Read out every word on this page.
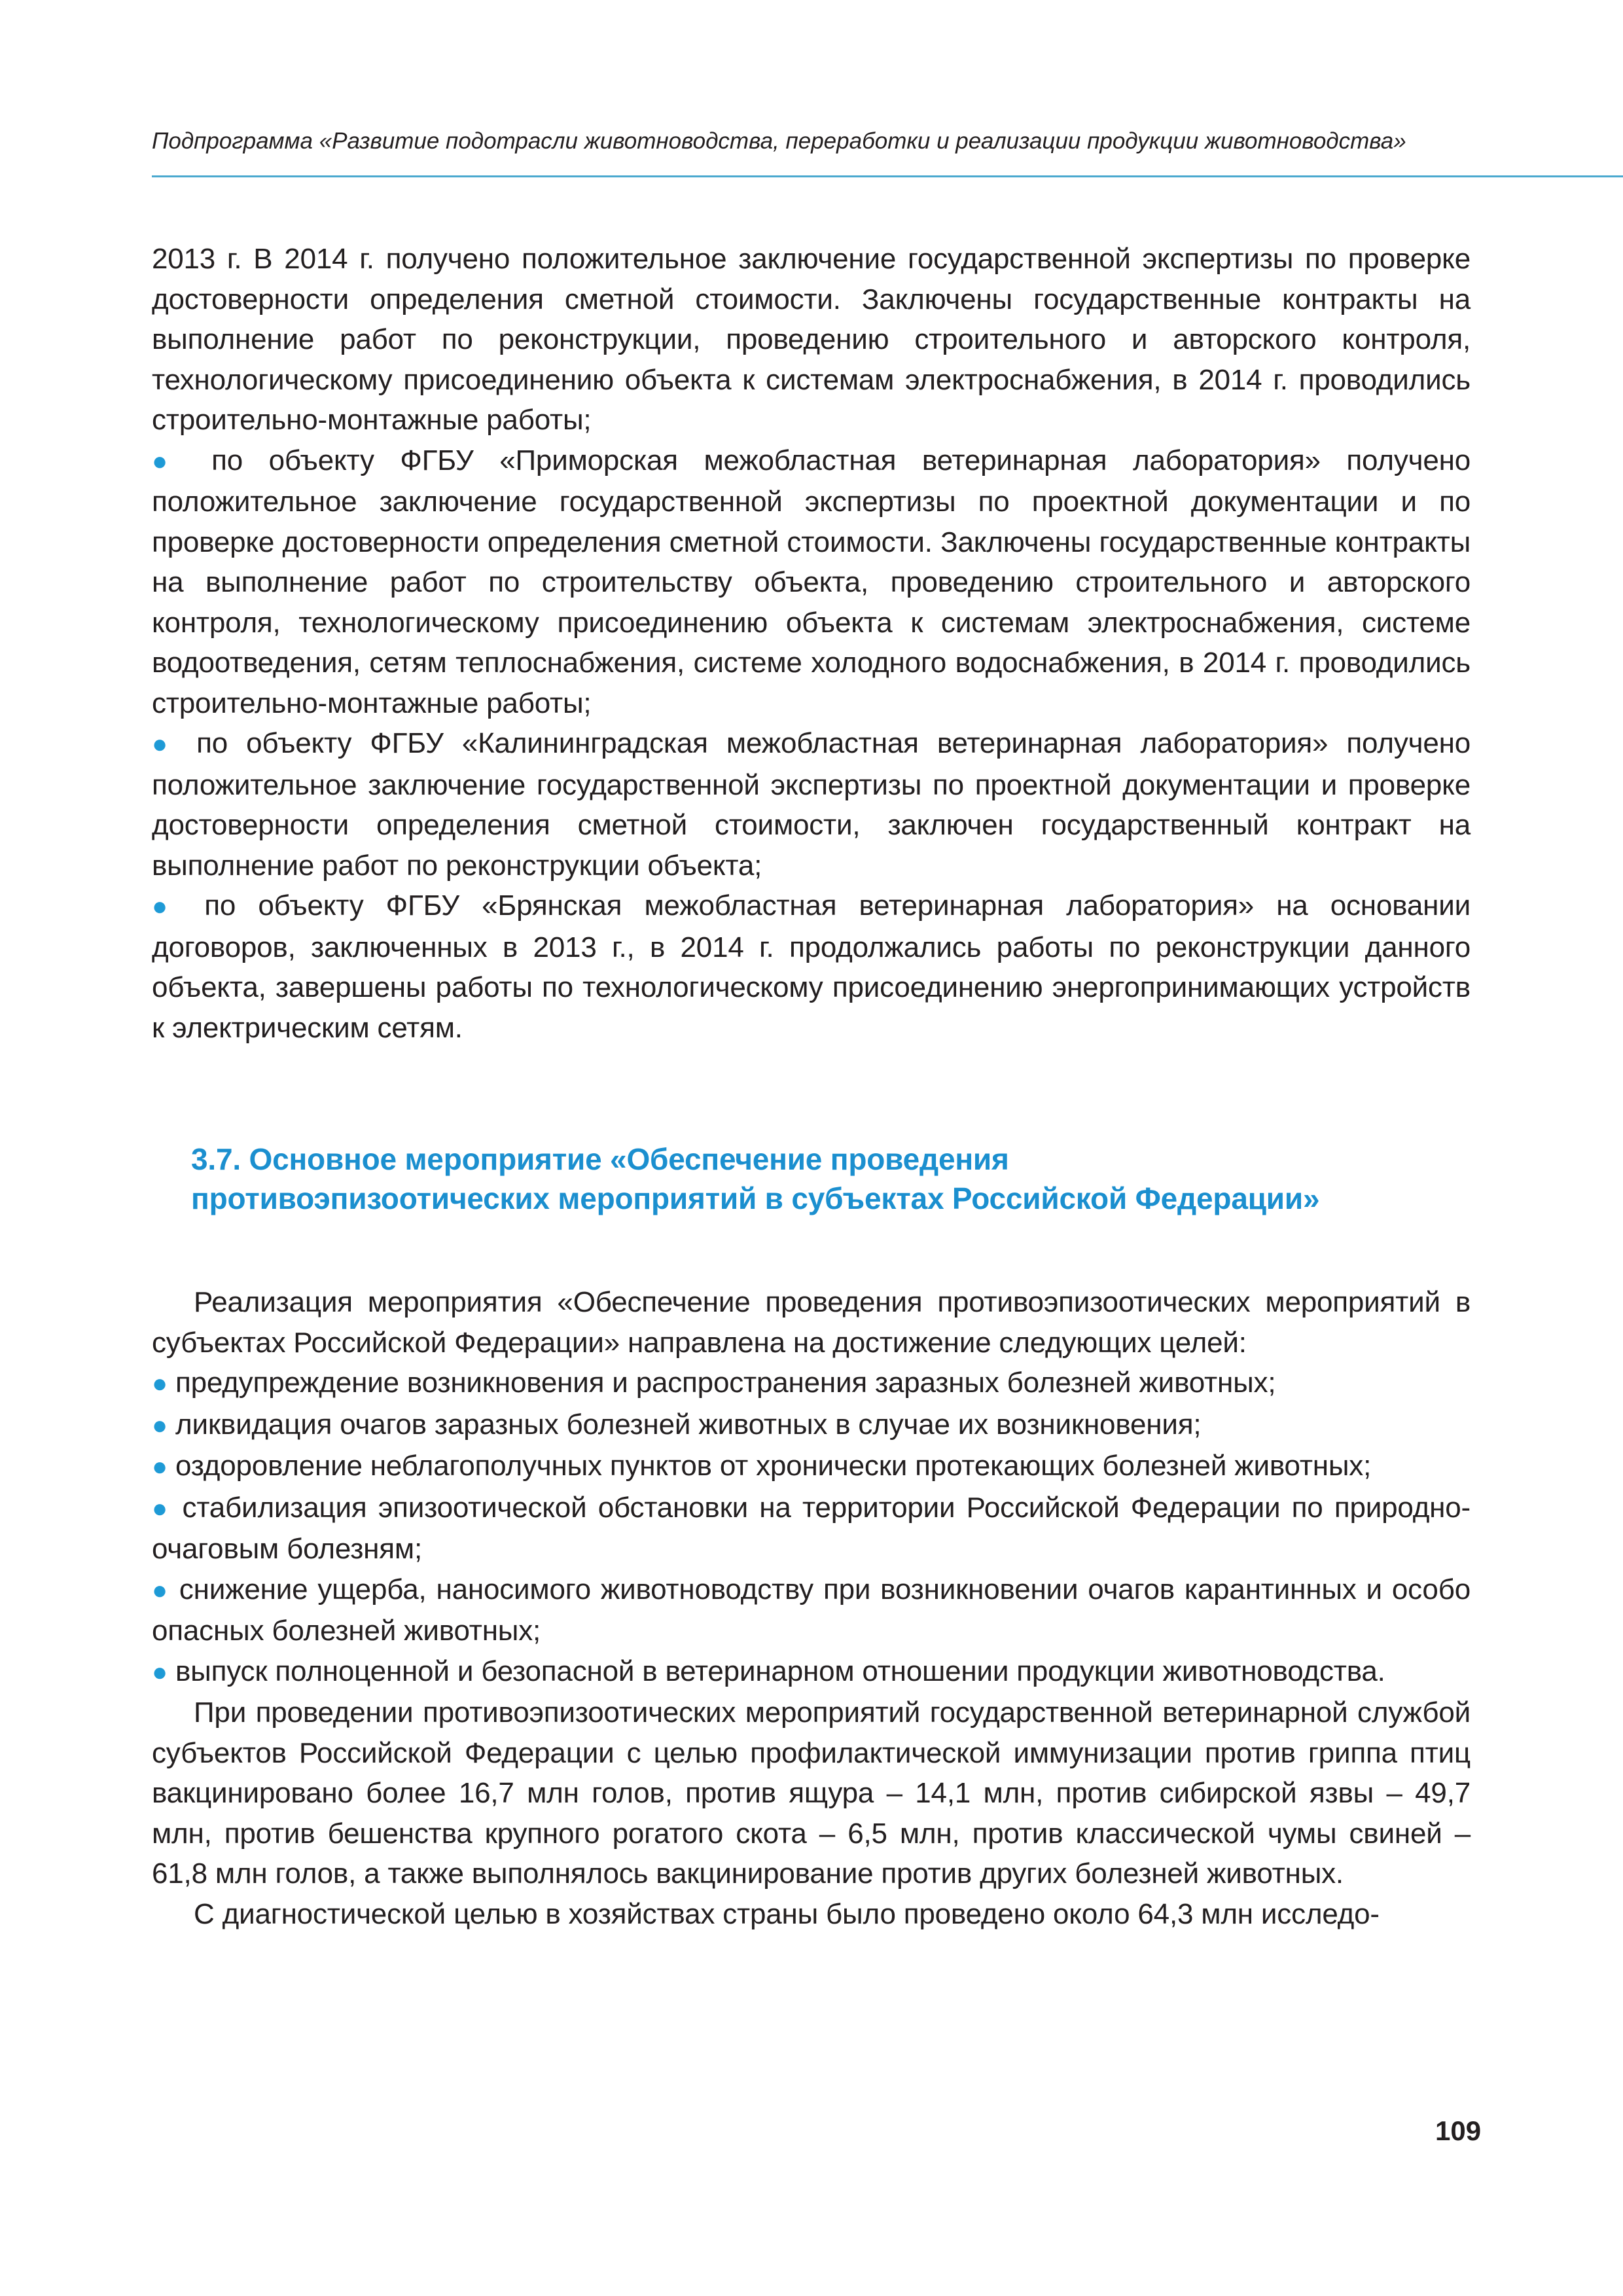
Подпрограмма «Развитие подотрасли животноводства, переработки и реализации продукции животноводства»

2013 г. В 2014 г. получено положительное заключение государственной экспертизы по проверке достоверности определения сметной стоимости. Заключены государственные контракты на выполнение работ по реконструкции, проведению строительного и авторского контроля, технологическому присоединению объекта к системам электроснабжения, в 2014 г. проводились строительно-монтажные работы;

● по объекту ФГБУ «Приморская межобластная ветеринарная лаборатория» получено положительное заключение государственной экспертизы по проектной документации и по проверке достоверности определения сметной стоимости. Заключены государственные контракты на выполнение работ по строительству объекта, проведению строительного и авторского контроля, технологическому присоединению объекта к системам электроснабжения, системе водоотведения, сетям теплоснабжения, системе холодного водоснабжения, в 2014 г. проводились строительно-монтажные работы;

● по объекту ФГБУ «Калининградская межобластная ветеринарная лаборатория» получено положительное заключение государственной экспертизы по проектной документации и проверке достоверности определения сметной стоимости, заключен государственный контракт на выполнение работ по реконструкции объекта;

● по объекту ФГБУ «Брянская межобластная ветеринарная лаборатория» на основании договоров, заключенных в 2013 г., в 2014 г. продолжались работы по реконструкции данного объекта, завершены работы по технологическому присоединению энергопринимающих устройств к электрическим сетям.

3.7. Основное мероприятие «Обеспечение проведения
противоэпизоотических мероприятий в субъектах Российской Федерации»

Реализация мероприятия «Обеспечение проведения противоэпизоотических мероприятий в субъектах Российской Федерации» направлена на достижение следующих целей:

● предупреждение возникновения и распространения заразных болезней животных;

● ликвидация очагов заразных болезней животных в случае их возникновения;

● оздоровление неблагополучных пунктов от хронически протекающих болезней животных;

● стабилизация эпизоотической обстановки на территории Российской Федерации по природно-очаговым болезням;

● снижение ущерба, наносимого животноводству при возникновении очагов карантинных и особо опасных болезней животных;

● выпуск полноценной и безопасной в ветеринарном отношении продукции животноводства.

При проведении противоэпизоотических мероприятий государственной ветеринарной службой субъектов Российской Федерации с целью профилактической иммунизации против гриппа птиц вакцинировано более 16,7 млн голов, против ящура – 14,1 млн, против сибирской язвы – 49,7 млн, против бешенства крупного рогатого скота – 6,5 млн, против классической чумы свиней – 61,8 млн голов, а также выполнялось вакцинирование против других болезней животных.

С диагностической целью в хозяйствах страны было проведено около 64,3 млн исследо-

109
